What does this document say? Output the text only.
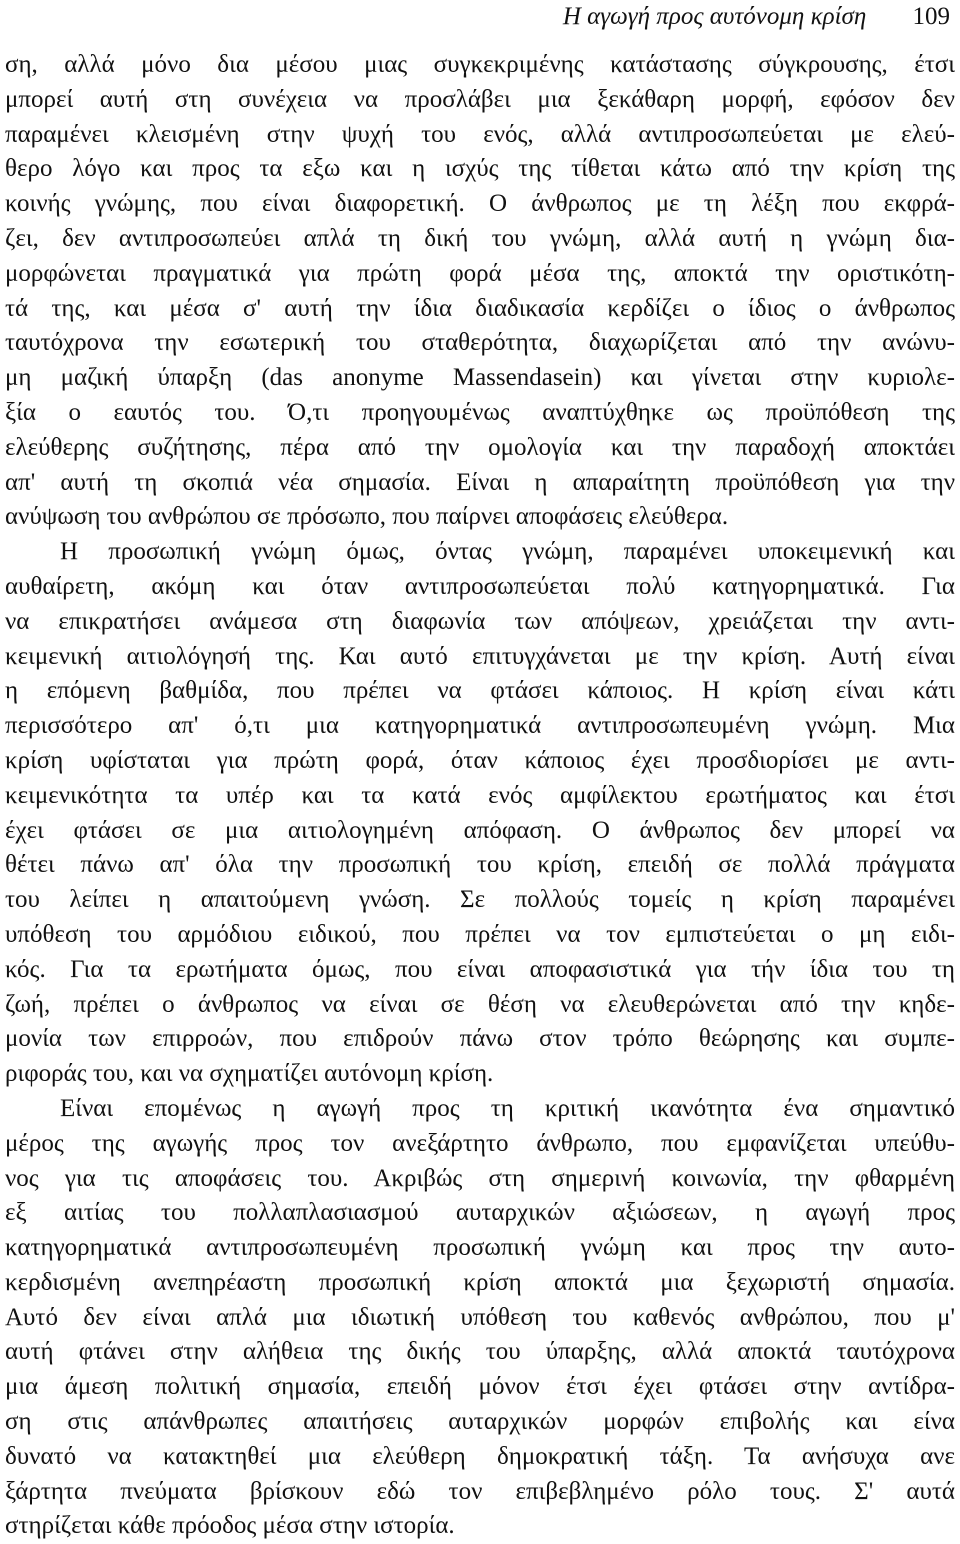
Η αγωγή προς αυτόνομη κρίση 109
ση, αλλά μόνο δια μέσου μιας συγκεκριμένης κατάστασης σύγκρουσης, έτσι
μπορεί αυτή στη συνέχεια να προσλάβει μια ξεκάθαρη μορφή, εφόσον δεν
παραμένει κλεισμένη στην ψυχή του ενός, αλλά αντιπροσωπεύεται με ελεύ-
θερο λόγο και προς τα εξω και η ισχύς της τίθεται κάτω από την κρίση της
κοινής γνώμης, που είναι διαφορετική. Ο άνθρωπος με τη λέξη που εκφρά-
ζει, δεν αντιπροσωπεύει απλά τη δική του γνώμη, αλλά αυτή η γνώμη δια-
μορφώνεται πραγματικά για πρώτη φορά μέσα της, αποκτά την οριστικότη-
τά της, και μέσα σ' αυτή την ίδια διαδικασία κερδίζει ο ίδιος ο άνθρωπος
ταυτόχρονα την εσωτερική του σταθερότητα, διαχωρίζεται από την ανώνυ-
μη μαζική ύπαρξη (das anonyme Massendasein) και γίνεται στην κυριολε-
ξία ο εαυτός του. Ό,τι προηγουμένως αναπτύχθηκε ως προϋπόθεση της
ελεύθερης συζήτησης, πέρα από την ομολογία και την παραδοχή αποκτάει
απ' αυτή τη σκοπιά νέα σημασία. Είναι η απαραίτητη προϋπόθεση για την
ανύψωση του ανθρώπου σε πρόσωπο, που παίρνει αποφάσεις ελεύθερα.
Η προσωπική γνώμη όμως, όντας γνώμη, παραμένει υποκειμενική και
αυθαίρετη, ακόμη και όταν αντιπροσωπεύεται πολύ κατηγορηματικά. Για
να επικρατήσει ανάμεσα στη διαφωνία των απόψεων, χρειάζεται την αντι-
κειμενική αιτιολόγησή της. Και αυτό επιτυγχάνεται με την κρίση. Αυτή είναι
η επόμενη βαθμίδα, που πρέπει να φτάσει κάποιος. Η κρίση είναι κάτι
περισσότερο απ' ό,τι μια κατηγορηματικά αντιπροσωπευμένη γνώμη. Μια
κρίση υφίσταται για πρώτη φορά, όταν κάποιος έχει προσδιορίσει με αντι-
κειμενικότητα τα υπέρ και τα κατά ενός αμφίλεκτου ερωτήματος και έτσι
έχει φτάσει σε μια αιτιολογημένη απόφαση. Ο άνθρωπος δεν μπορεί να
θέτει πάνω απ' όλα την προσωπική του κρίση, επειδή σε πολλά πράγματα
του λείπει η απαιτούμενη γνώση. Σε πολλούς τομείς η κρίση παραμένει
υπόθεση του αρμόδιου ειδικού, που πρέπει να τον εμπιστεύεται ο μη ειδι-
κός. Για τα ερωτήματα όμως, που είναι αποφασιστικά για τήν ίδια του τη
ζωή, πρέπει ο άνθρωπος να είναι σε θέση να ελευθερώνεται από την κηδε-
μονία των επιρροών, που επιδρούν πάνω στον τρόπο θεώρησης και συμπε-
ριφοράς του, και να σχηματίζει αυτόνομη κρίση.
Είναι επομένως η αγωγή προς τη κριτική ικανότητα ένα σημαντικό
μέρος της αγωγής προς τον ανεξάρτητο άνθρωπο, που εμφανίζεται υπεύθυ-
νος για τις αποφάσεις του. Ακριβώς στη σημερινή κοινωνία, την φθαρμένη
εξ αιτίας του πολλαπλασιασμού αυταρχικών αξιώσεων, η αγωγή προς
κατηγορηματικά αντιπροσωπευμένη προσωπική γνώμη και προς την αυτο-
κερδισμένη ανεπηρέαστη προσωπική κρίση αποκτά μια ξεχωριστή σημασία.
Αυτό δεν είναι απλά μια ιδιωτική υπόθεση του καθενός ανθρώπου, που μ'
αυτή φτάνει στην αλήθεια της δικής του ύπαρξης, αλλά αποκτά ταυτόχρονα
μια άμεση πολιτική σημασία, επειδή μόνον έτσι έχει φτάσει στην αντίδρα-
ση στις απάνθρωπες απαιτήσεις αυταρχικών μορφών επιβολής και είνα
δυνατό να κατακτηθεί μια ελεύθερη δημοκρατική τάξη. Τα ανήσυχα ανε
ξάρτητα πνεύματα βρίσκουν εδώ τον επιβεβλημένο ρόλο τους. Σ' αυτά
στηρίζεται κάθε πρόοδος μέσα στην ιστορία.
